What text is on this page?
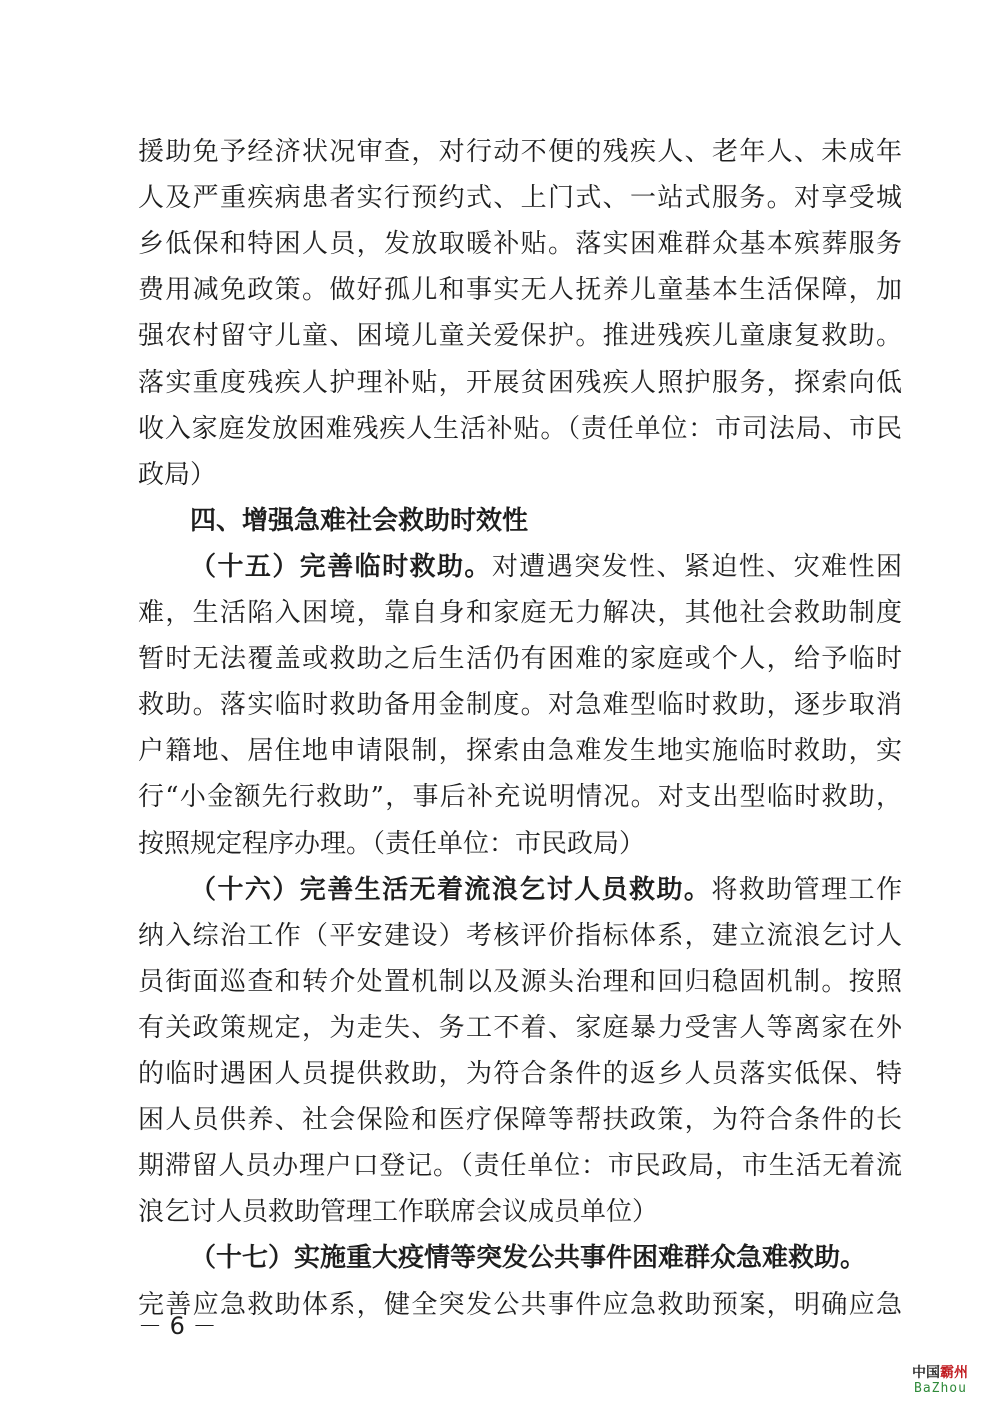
援助免予经济状况审查，对行动不便的残疾人、老年人、未成年
人及严重疾病患者实行预约式、上门式、一站式服务。对享受城
乡低保和特困人员，发放取暖补贴。落实困难群众基本殡葬服务
费用减免政策。做好孤儿和事实无人抚养儿童基本生活保障，加
强农村留守儿童、困境儿童关爱保护。推进残疾儿童康复救助。
落实重度残疾人护理补贴，开展贫困残疾人照护服务，探索向低
收入家庭发放困难残疾人生活补贴。（责任单位：市司法局、市民
政局）
四、增强急难社会救助时效性
（十五）完善临时救助。对遭遇突发性、紧迫性、灾难性困
难，生活陷入困境，靠自身和家庭无力解决，其他社会救助制度
暂时无法覆盖或救助之后生活仍有困难的家庭或个人，给予临时
救助。落实临时救助备用金制度。对急难型临时救助，逐步取消
户籍地、居住地申请限制，探索由急难发生地实施临时救助，实
行“小金额先行救助”，事后补充说明情况。对支出型临时救助，
按照规定程序办理。（责任单位：市民政局）
（十六）完善生活无着流浪乞讨人员救助。将救助管理工作
纳入综治工作（平安建设）考核评价指标体系，建立流浪乞讨人
员街面巡查和转介处置机制以及源头治理和回归稳固机制。按照
有关政策规定，为走失、务工不着、家庭暴力受害人等离家在外
的临时遇困人员提供救助，为符合条件的返乡人员落实低保、特
困人员供养、社会保险和医疗保障等帮扶政策，为符合条件的长
期滞留人员办理户口登记。（责任单位：市民政局，市生活无着流
浪乞讨人员救助管理工作联席会议成员单位）
（十七）实施重大疫情等突发公共事件困难群众急难救助。
完善应急救助体系，健全突发公共事件应急救助预案，明确应急
－ 6 －
中国霸州
BaZhou
